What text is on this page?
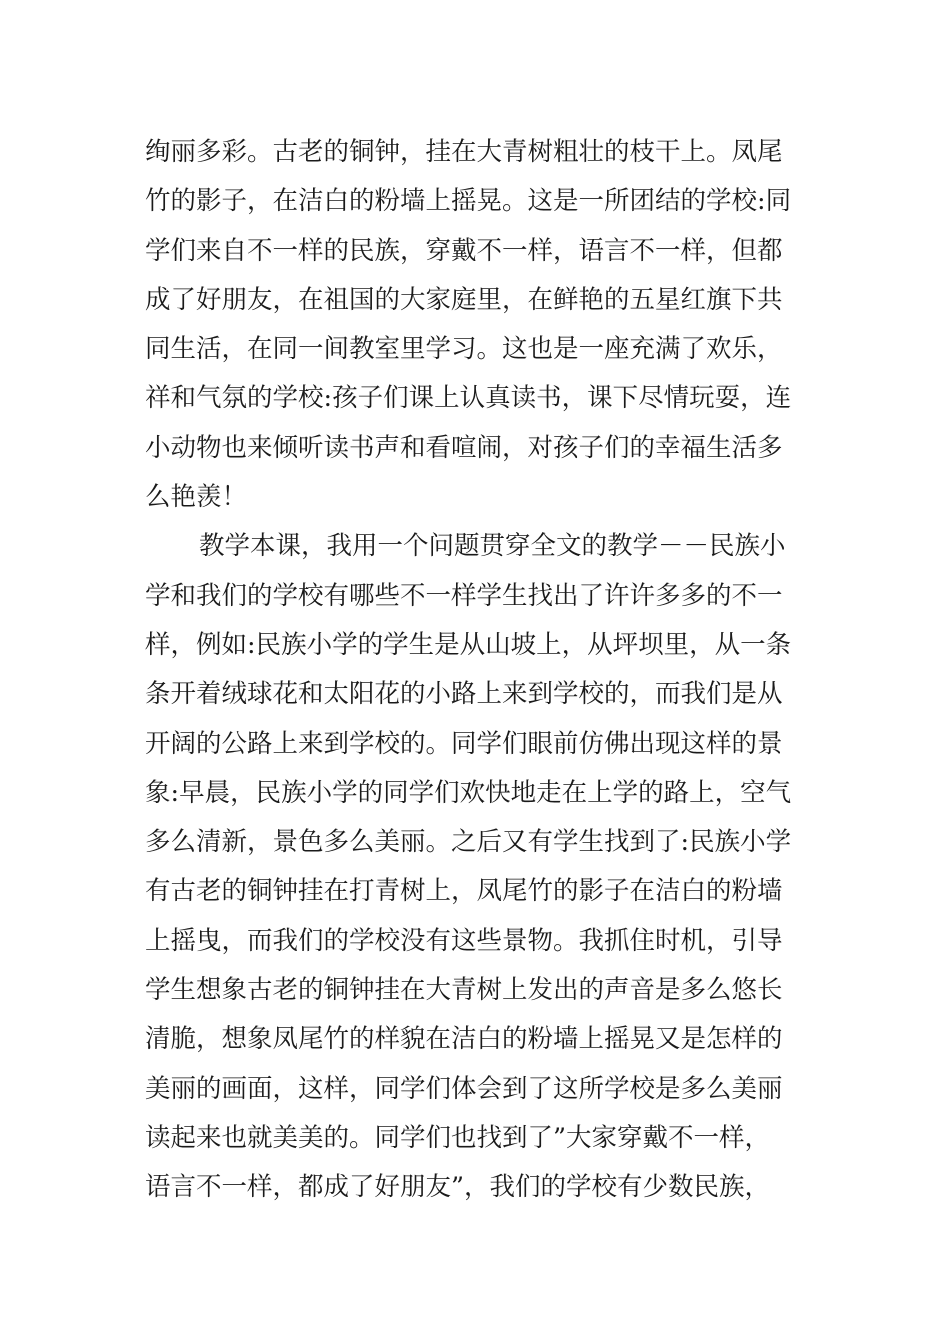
绚丽多彩。古老的铜钟，挂在大青树粗壮的枝干上。凤尾
竹的影子，在洁白的粉墙上摇晃。这是一所团结的学校:同
学们来自不一样的民族，穿戴不一样，语言不一样，但都
成了好朋友，在祖国的大家庭里，在鲜艳的五星红旗下共
同生活，在同一间教室里学习。这也是一座充满了欢乐，
祥和气氛的学校:孩子们课上认真读书，课下尽情玩耍，连
小动物也来倾听读书声和看喧闹，对孩子们的幸福生活多
么艳羡！
教学本课，我用一个问题贯穿全文的教学－－民族小
学和我们的学校有哪些不一样学生找出了许许多多的不一
样，例如:民族小学的学生是从山坡上，从坪坝里，从一条
条开着绒球花和太阳花的小路上来到学校的，而我们是从
开阔的公路上来到学校的。同学们眼前仿佛出现这样的景
象:早晨，民族小学的同学们欢快地走在上学的路上，空气
多么清新，景色多么美丽。之后又有学生找到了:民族小学
有古老的铜钟挂在打青树上，凤尾竹的影子在洁白的粉墙
上摇曳，而我们的学校没有这些景物。我抓住时机，引导
学生想象古老的铜钟挂在大青树上发出的声音是多么悠长
清脆，想象凤尾竹的样貌在洁白的粉墙上摇晃又是怎样的
美丽的画面，这样，同学们体会到了这所学校是多么美丽
读起来也就美美的。同学们也找到了”大家穿戴不一样，
语言不一样，都成了好朋友”，我们的学校有少数民族，
